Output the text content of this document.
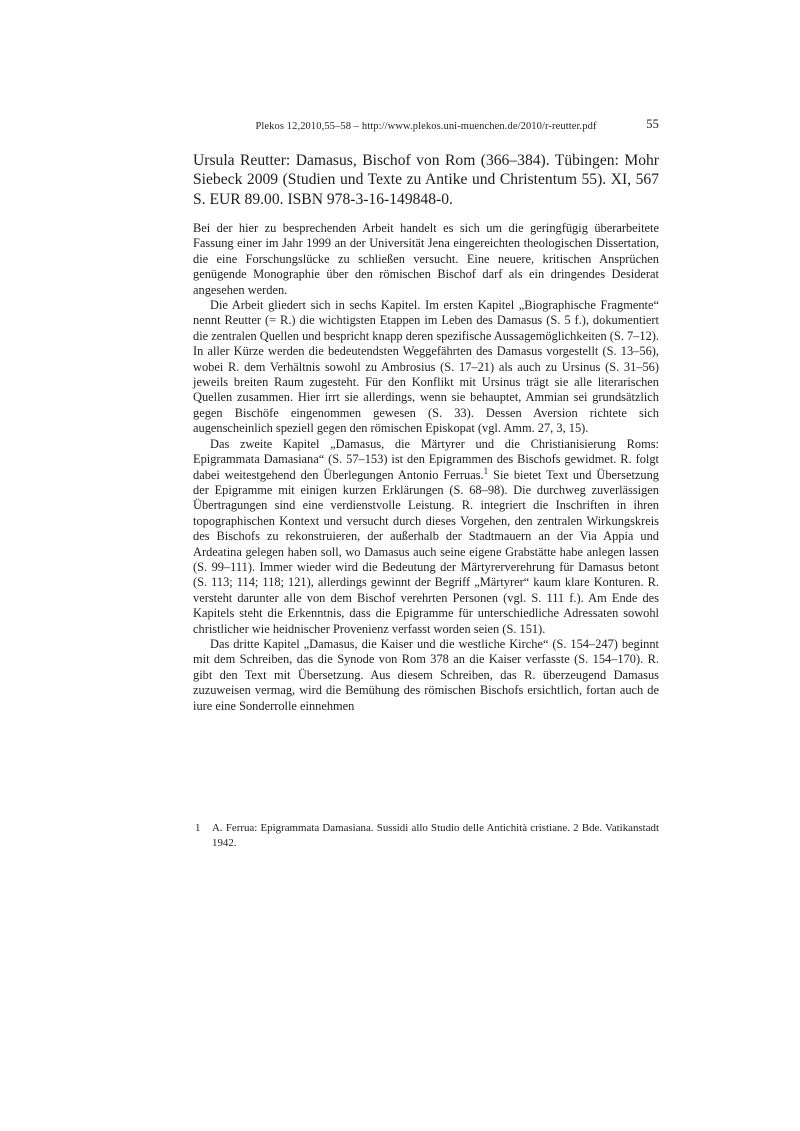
Plekos 12,2010,55–58 – http://www.plekos.uni-muenchen.de/2010/r-reutter.pdf	55
Ursula Reutter: Damasus, Bischof von Rom (366–384). Tübingen: Mohr Siebeck 2009 (Studien und Texte zu Antike und Christentum 55). XI, 567 S. EUR 89.00. ISBN 978-3-16-149848-0.

Bei der hier zu besprechenden Arbeit handelt es sich um die geringfügig überarbeitete Fassung einer im Jahr 1999 an der Universität Jena eingereichten theologischen Dissertation, die eine Forschungslücke zu schließen versucht. Eine neuere, kritischen Ansprüchen genügende Monographie über den römischen Bischof darf als ein dringendes Desiderat angesehen werden.

Die Arbeit gliedert sich in sechs Kapitel. Im ersten Kapitel „Biographische Fragmente“ nennt Reutter (= R.) die wichtigsten Etappen im Leben des Damasus (S. 5 f.), dokumentiert die zentralen Quellen und bespricht knapp deren spezifische Aussagemöglichkeiten (S. 7–12). In aller Kürze werden die bedeutendsten Weggefährten des Damasus vorgestellt (S. 13–56), wobei R. dem Verhältnis sowohl zu Ambrosius (S. 17–21) als auch zu Ursinus (S. 31–56) jeweils breiten Raum zugesteht. Für den Konflikt mit Ursinus trägt sie alle literarischen Quellen zusammen. Hier irrt sie allerdings, wenn sie behauptet, Ammian sei grundsätzlich gegen Bischöfe eingenommen gewesen (S. 33). Dessen Aversion richtete sich augenscheinlich speziell gegen den römischen Episkopat (vgl. Amm. 27, 3, 15).

Das zweite Kapitel „Damasus, die Märtyrer und die Christianisierung Roms: Epigrammata Damasiana“ (S. 57–153) ist den Epigrammen des Bischofs gewidmet. R. folgt dabei weitestgehend den Überlegungen Antonio Ferruas.$^1$ Sie bietet Text und Übersetzung der Epigramme mit einigen kurzen Erklärungen (S. 68–98). Die durchweg zuverlässigen Übertragungen sind eine verdienstvolle Leistung. R. integriert die Inschriften in ihren topographischen Kontext und versucht durch dieses Vorgehen, den zentralen Wirkungskreis des Bischofs zu rekonstruieren, der außerhalb der Stadtmauern an der Via Appia und Ardeatina gelegen haben soll, wo Damasus auch seine eigene Grabstätte habe anlegen lassen (S. 99–111). Immer wieder wird die Bedeutung der Märtyrerverehrung für Damasus betont (S. 113; 114; 118; 121), allerdings gewinnt der Begriff „Märtyrer“ kaum klare Konturen. R. versteht darunter alle von dem Bischof verehrten Personen (vgl. S. 111 f.). Am Ende des Kapitels steht die Erkenntnis, dass die Epigramme für unterschiedliche Adressaten sowohl christlicher wie heidnischer Provenienz verfasst worden seien (S. 151).

Das dritte Kapitel „Damasus, die Kaiser und die westliche Kirche“ (S. 154–247) beginnt mit dem Schreiben, das die Synode von Rom 378 an die Kaiser verfasste (S. 154–170). R. gibt den Text mit Übersetzung. Aus diesem Schreiben, das R. überzeugend Damasus zuzuweisen vermag, wird die Bemühung des römischen Bischofs ersichtlich, fortan auch de iure eine Sonderrolle einnehmen

1 A. Ferrua: Epigrammata Damasiana. Sussidi allo Studio delle Antichità cristiane. 2 Bde. Vatikanstadt 1942.
